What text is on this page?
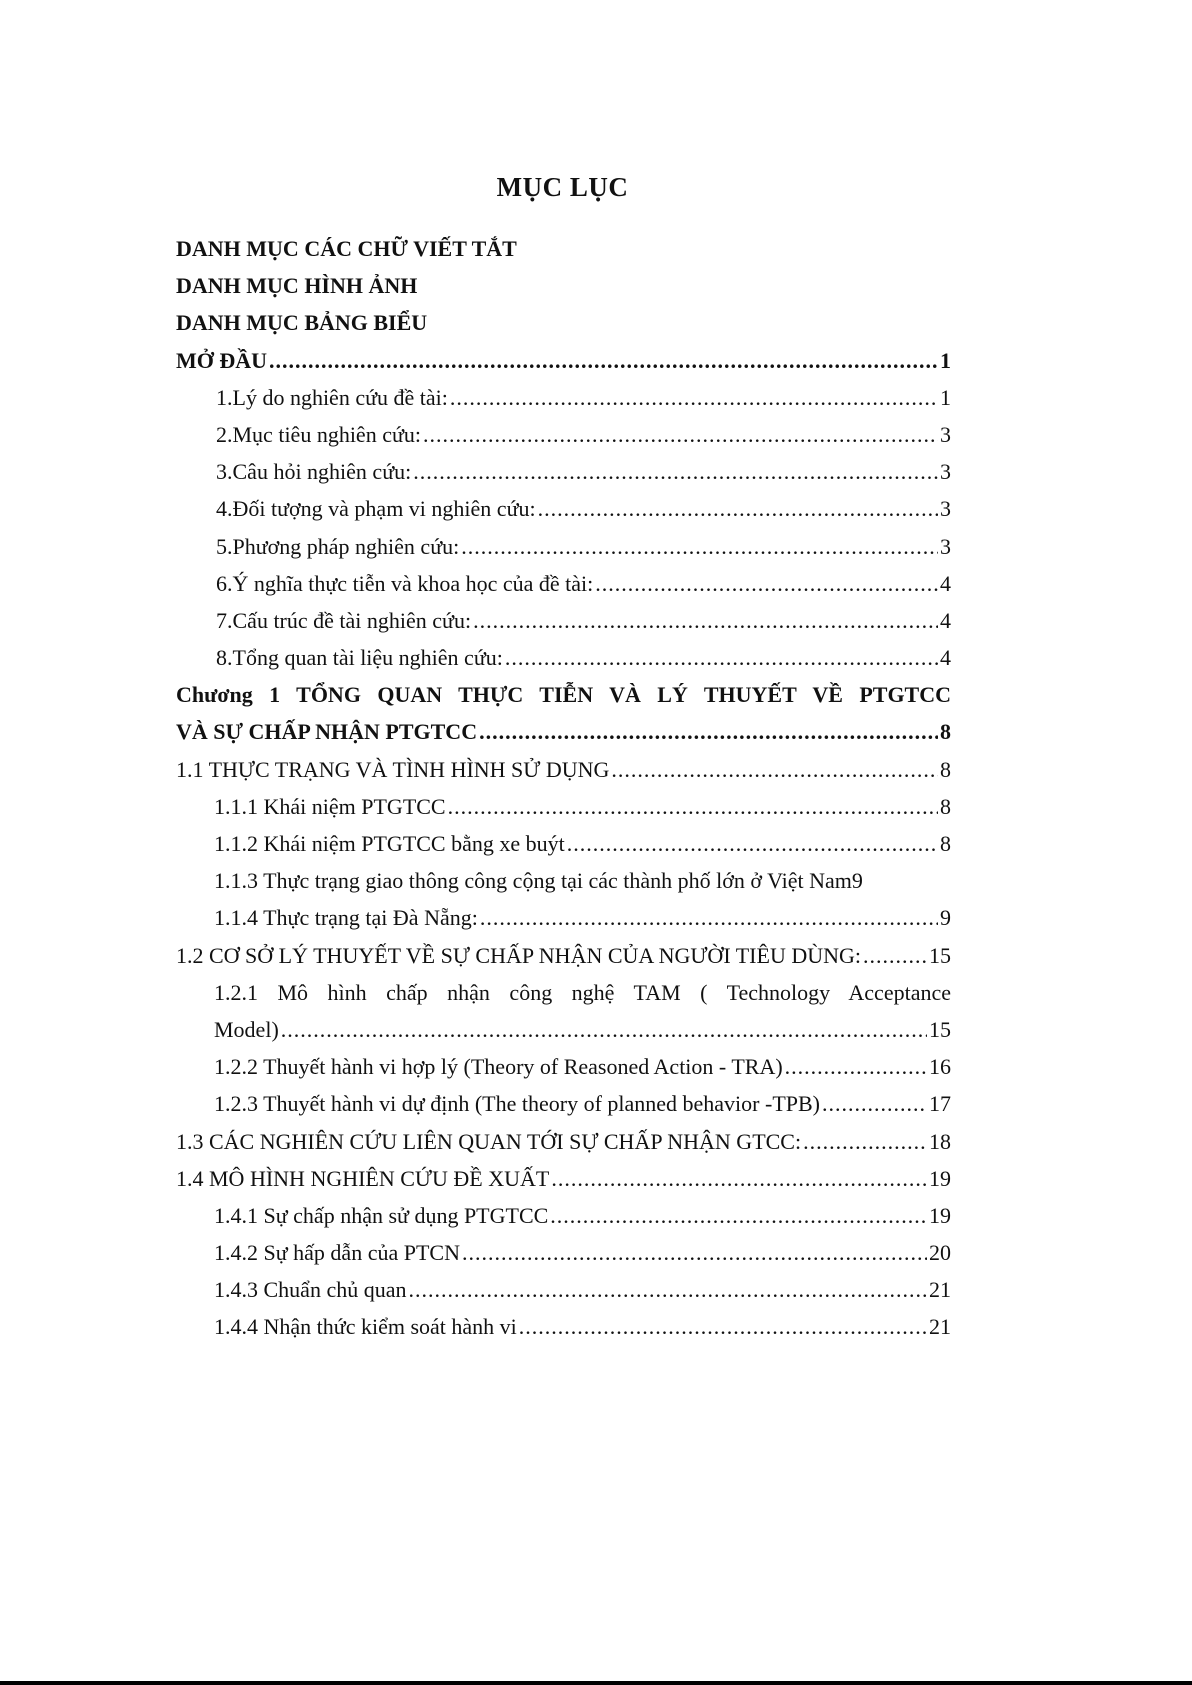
MỤC LỤC
DANH MỤC CÁC CHỮ VIẾT TẮT
DANH MỤC HÌNH ẢNH
DANH MỤC BẢNG BIỂU
MỞ ĐẦU .....	1
1. Lý do nghiên cứu đề tài: .....	1
2. Mục tiêu nghiên cứu: .....	3
3. Câu hỏi nghiên cứu: .....	3
4. Đối tượng và phạm vi nghiên cứu: .....	3
5. Phương pháp nghiên cứu: .....	3
6. Ý nghĩa thực tiễn và khoa học của đề tài: .....	4
7. Cấu trúc đề tài nghiên cứu: .....	4
8. Tổng quan tài liệu nghiên cứu: .....	4
Chương 1 TỔNG QUAN THỰC TIỄN VÀ LÝ THUYẾT VỀ PTGTCC
VÀ SỰ CHẤP NHẬN PTGTCC .....	8
1.1 THỰC TRẠNG VÀ TÌNH HÌNH SỬ DỤNG .....	8
1.1.1 Khái niệm PTGTCC .....	8
1.1.2 Khái niệm PTGTCC bằng xe buýt .....	8
1.1.3 Thực trạng giao thông công cộng tại các thành phố lớn ở Việt Nam 9
1.1.4 Thực trạng tại Đà Nẵng: .....	9
1.2 CƠ SỞ LÝ THUYẾT VỀ SỰ CHẤP NHẬN CỦA NGƯỜI TIÊU DÙNG: .....	15
1.2.1 Mô hình chấp nhận công nghệ TAM ( Technology Acceptance
Model) .....	15
1.2.2 Thuyết hành vi hợp lý (Theory of Reasoned Action - TRA) .....	16
1.2.3 Thuyết hành vi dự định (The theory of planned behavior -TPB) .....	17
1.3 CÁC NGHIÊN CỨU LIÊN QUAN TỚI SỰ CHẤP NHẬN GTCC: .....	18
1.4 MÔ HÌNH NGHIÊN CỨU ĐỀ XUẤT .....	19
1.4.1 Sự chấp nhận sử dụng PTGTCC .....	19
1.4.2 Sự hấp dẫn của PTCN .....	20
1.4.3 Chuẩn chủ quan .....	21
1.4.4 Nhận thức kiểm soát hành vi .....	21
